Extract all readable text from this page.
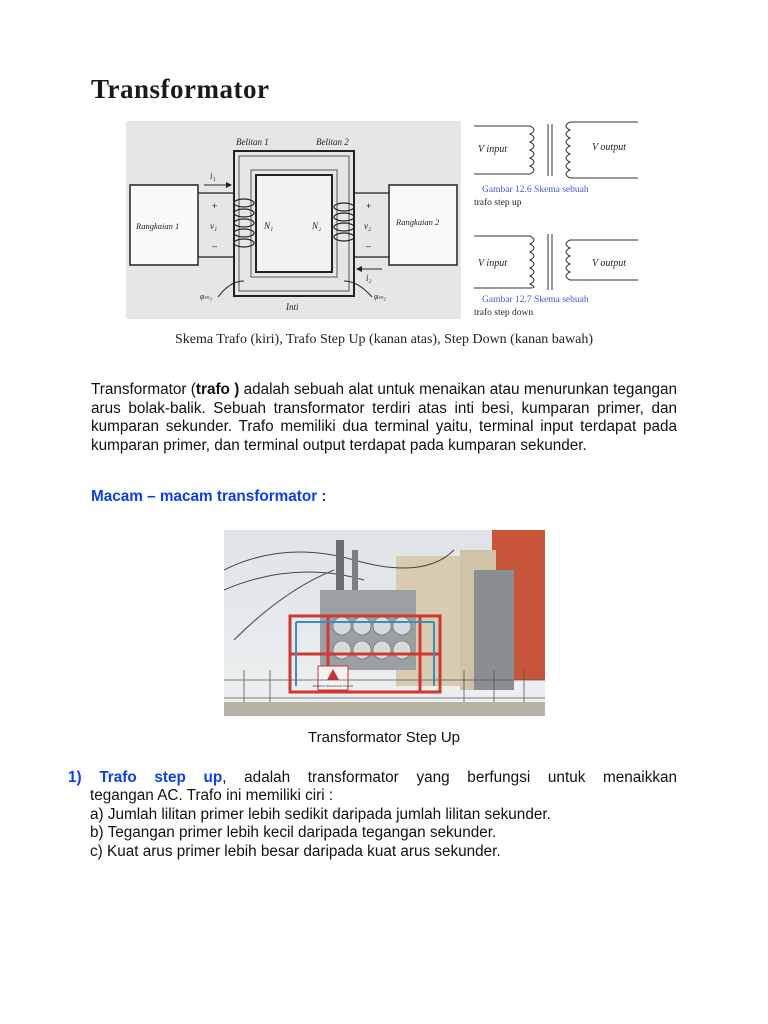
Transformator
Belitan 1	Belitan 2
Rangkaian 1	Rangkaian 2
Inti
i₁
i₂
+
v₁
–
+
v₂
–
N₁	N₂
φₘ₁	φₘ₂
V input	V output
Gambar 12.6 Skema sebuah
trafo step up
V input	V output
Gambar 12.7 Skema sebuah
trafo step down
Skema Trafo (kiri), Trafo Step Up (kanan atas), Step Down (kanan bawah)

Transformator (trafo ) adalah sebuah alat untuk menaikan atau menurunkan tegangan arus bolak-balik. Sebuah transformator terdiri atas inti besi, kumparan primer, dan kumparan sekunder. Trafo memiliki dua terminal yaitu, terminal input terdapat pada kumparan primer, dan terminal output terdapat pada kumparan sekunder.

Macam – macam transformator :
BAHAYA TEGANGAN TINGGI
Transformator Step Up
1) Trafo step up, adalah transformator yang berfungsi untuk menaikkan
tegangan AC. Trafo ini memiliki ciri :
a) Jumlah lilitan primer lebih sedikit daripada jumlah lilitan sekunder.
b) Tegangan primer lebih kecil daripada tegangan sekunder.
c) Kuat arus primer lebih besar daripada kuat arus sekunder.
